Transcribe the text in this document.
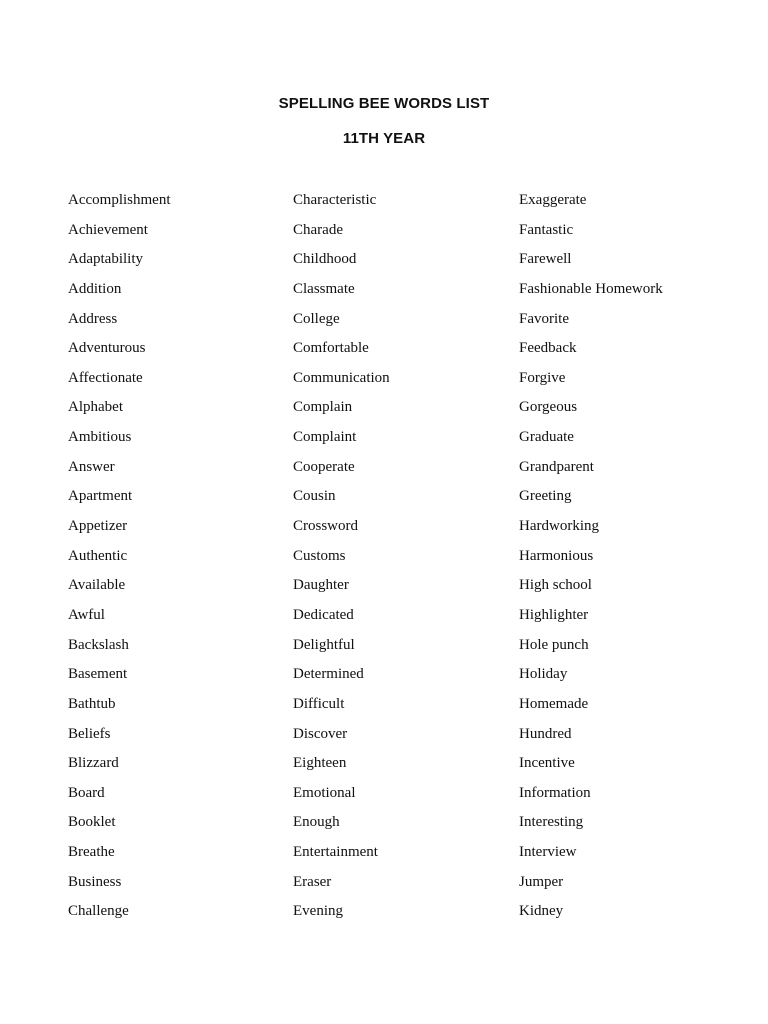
SPELLING BEE WORDS LIST
11TH YEAR
Accomplishment
Achievement
Adaptability
Addition
Address
Adventurous
Affectionate
Alphabet
Ambitious
Answer
Apartment
Appetizer
Authentic
Available
Awful
Backslash
Basement
Bathtub
Beliefs
Blizzard
Board
Booklet
Breathe
Business
Challenge
Characteristic
Charade
Childhood
Classmate
College
Comfortable
Communication
Complain
Complaint
Cooperate
Cousin
Crossword
Customs
Daughter
Dedicated
Delightful
Determined
Difficult
Discover
Eighteen
Emotional
Enough
Entertainment
Eraser
Evening
Exaggerate
Fantastic
Farewell
Fashionable Homework
Favorite
Feedback
Forgive
Gorgeous
Graduate
Grandparent
Greeting
Hardworking
Harmonious
High school
Highlighter
Hole punch
Holiday
Homemade
Hundred
Incentive
Information
Interesting
Interview
Jumper
Kidney
